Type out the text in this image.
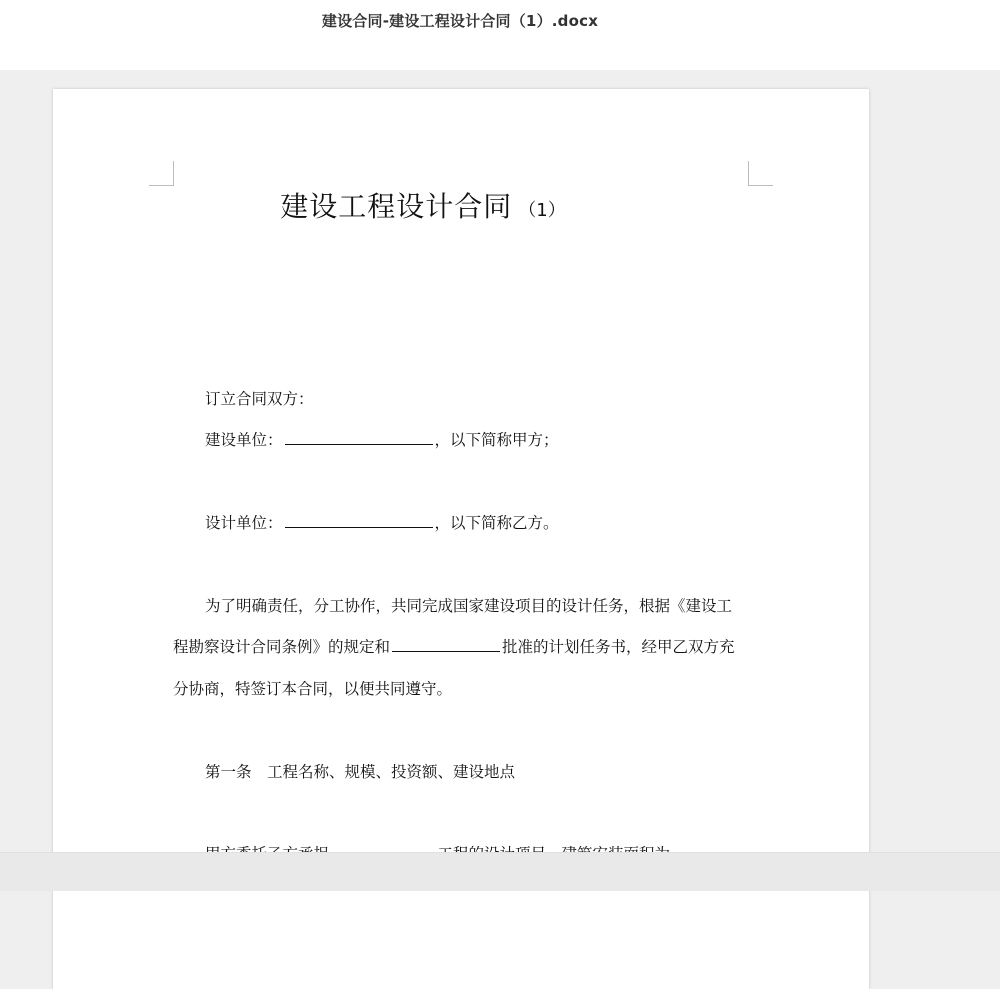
建设合同-建设工程设计合同（1）.docx
建设工程设计合同 （1）
订立合同双方：
建设单位：	，以下简称甲方；
设计单位：	，以下简称乙方。
为了明确责任，分工协作，共同完成国家建设项目的设计任务，根据《建设工
程勘察设计合同条例》的规定和	批准的计划任务书，经甲乙双方充
分协商，特签订本合同，以便共同遵守。
第一条　工程名称、规模、投资额、建设地点
